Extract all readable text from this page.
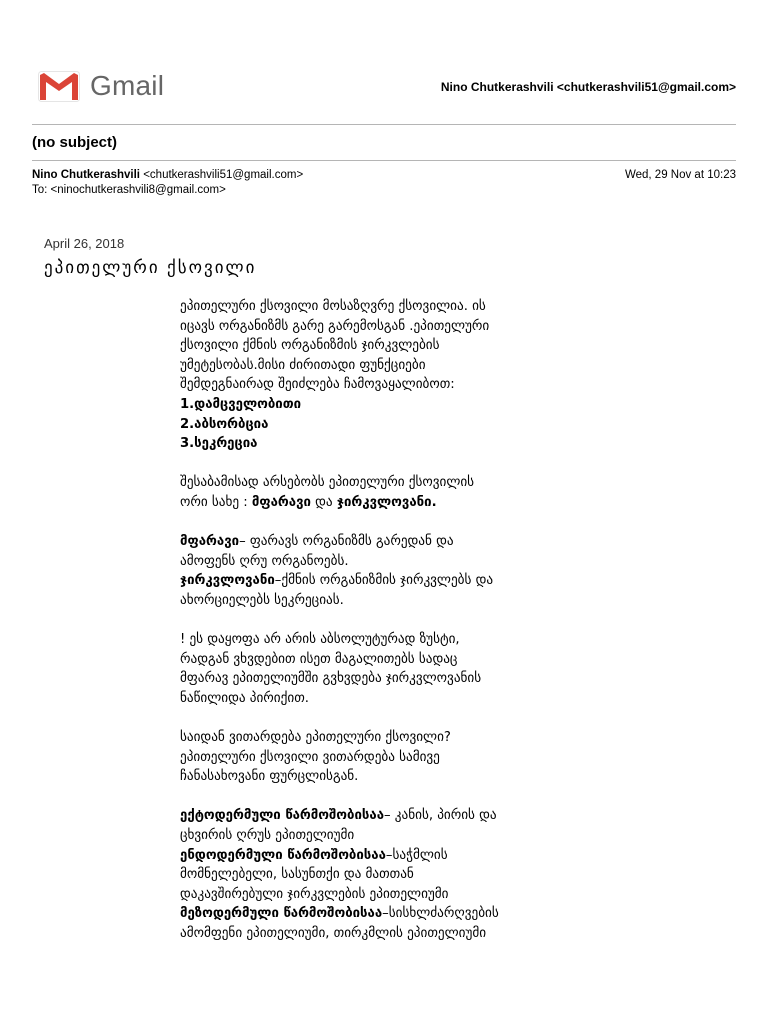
Gmail	Nino Chutkerashvili <chutkerashvili51@gmail.com>
(no subject)
Nino Chutkerashvili <chutkerashvili51@gmail.com>
To: <ninochutkerashvili8@gmail.com>
Wed, 29 Nov at 10:23
April 26, 2018
ეპითელური ქსოვილი

ეპითელური ქსოვილი მოსაზღვრე ქსოვილია. ის

იცავს ორგანიზმს გარე გარემოსგან .ეპითელური

ქსოვილი ქმნის ორგანიზმის ჯირკვლების

უმეტესობას.მისი ძირითადი ფუნქციები

შემდეგნაირად შეიძლება ჩამოვაყალიბოთ:

1.დამცველობითი

2.აბსორბცია

3.სეკრეცია

შესაბამისად არსებობს ეპითელური ქსოვილის

ორი სახე : მფარავი და ჯირკვლოვანი.

მფარავი– ფარავს ორგანიზმს გარედან და

ამოფენს ღრუ ორგანოებს.

ჯირკვლოვანი–ქმნის ორგანიზმის ჯირკვლებს და

ახორციელებს სეკრეციას.

! ეს დაყოფა არ არის აბსოლუტურად ზუსტი,

რადგან ვხვდებით ისეთ მაგალითებს სადაც

მფარავ ეპითელიუმში გვხვდება ჯირკვლოვანის

ნაწილიდა პირიქით.

საიდან ვითარდება ეპითელური ქსოვილი?

ეპითელური ქსოვილი ვითარდება სამივე

ჩანასახოვანი ფურცლისგან.

ექტოდერმული წარმოშობისაა– კანის, პირის და

ცხვირის ღრუს ეპითელიუმი

ენდოდერმული წარმოშობისაა–საჭმლის

მომნელებელი, სასუნთქი და მათთან

დაკავშირებული ჯირკვლების ეპითელიუმი

მეზოდერმული წარმოშობისაა–სისხლძარღვების

ამომფენი ეპითელიუმი, თირკმლის ეპითელიუმი
